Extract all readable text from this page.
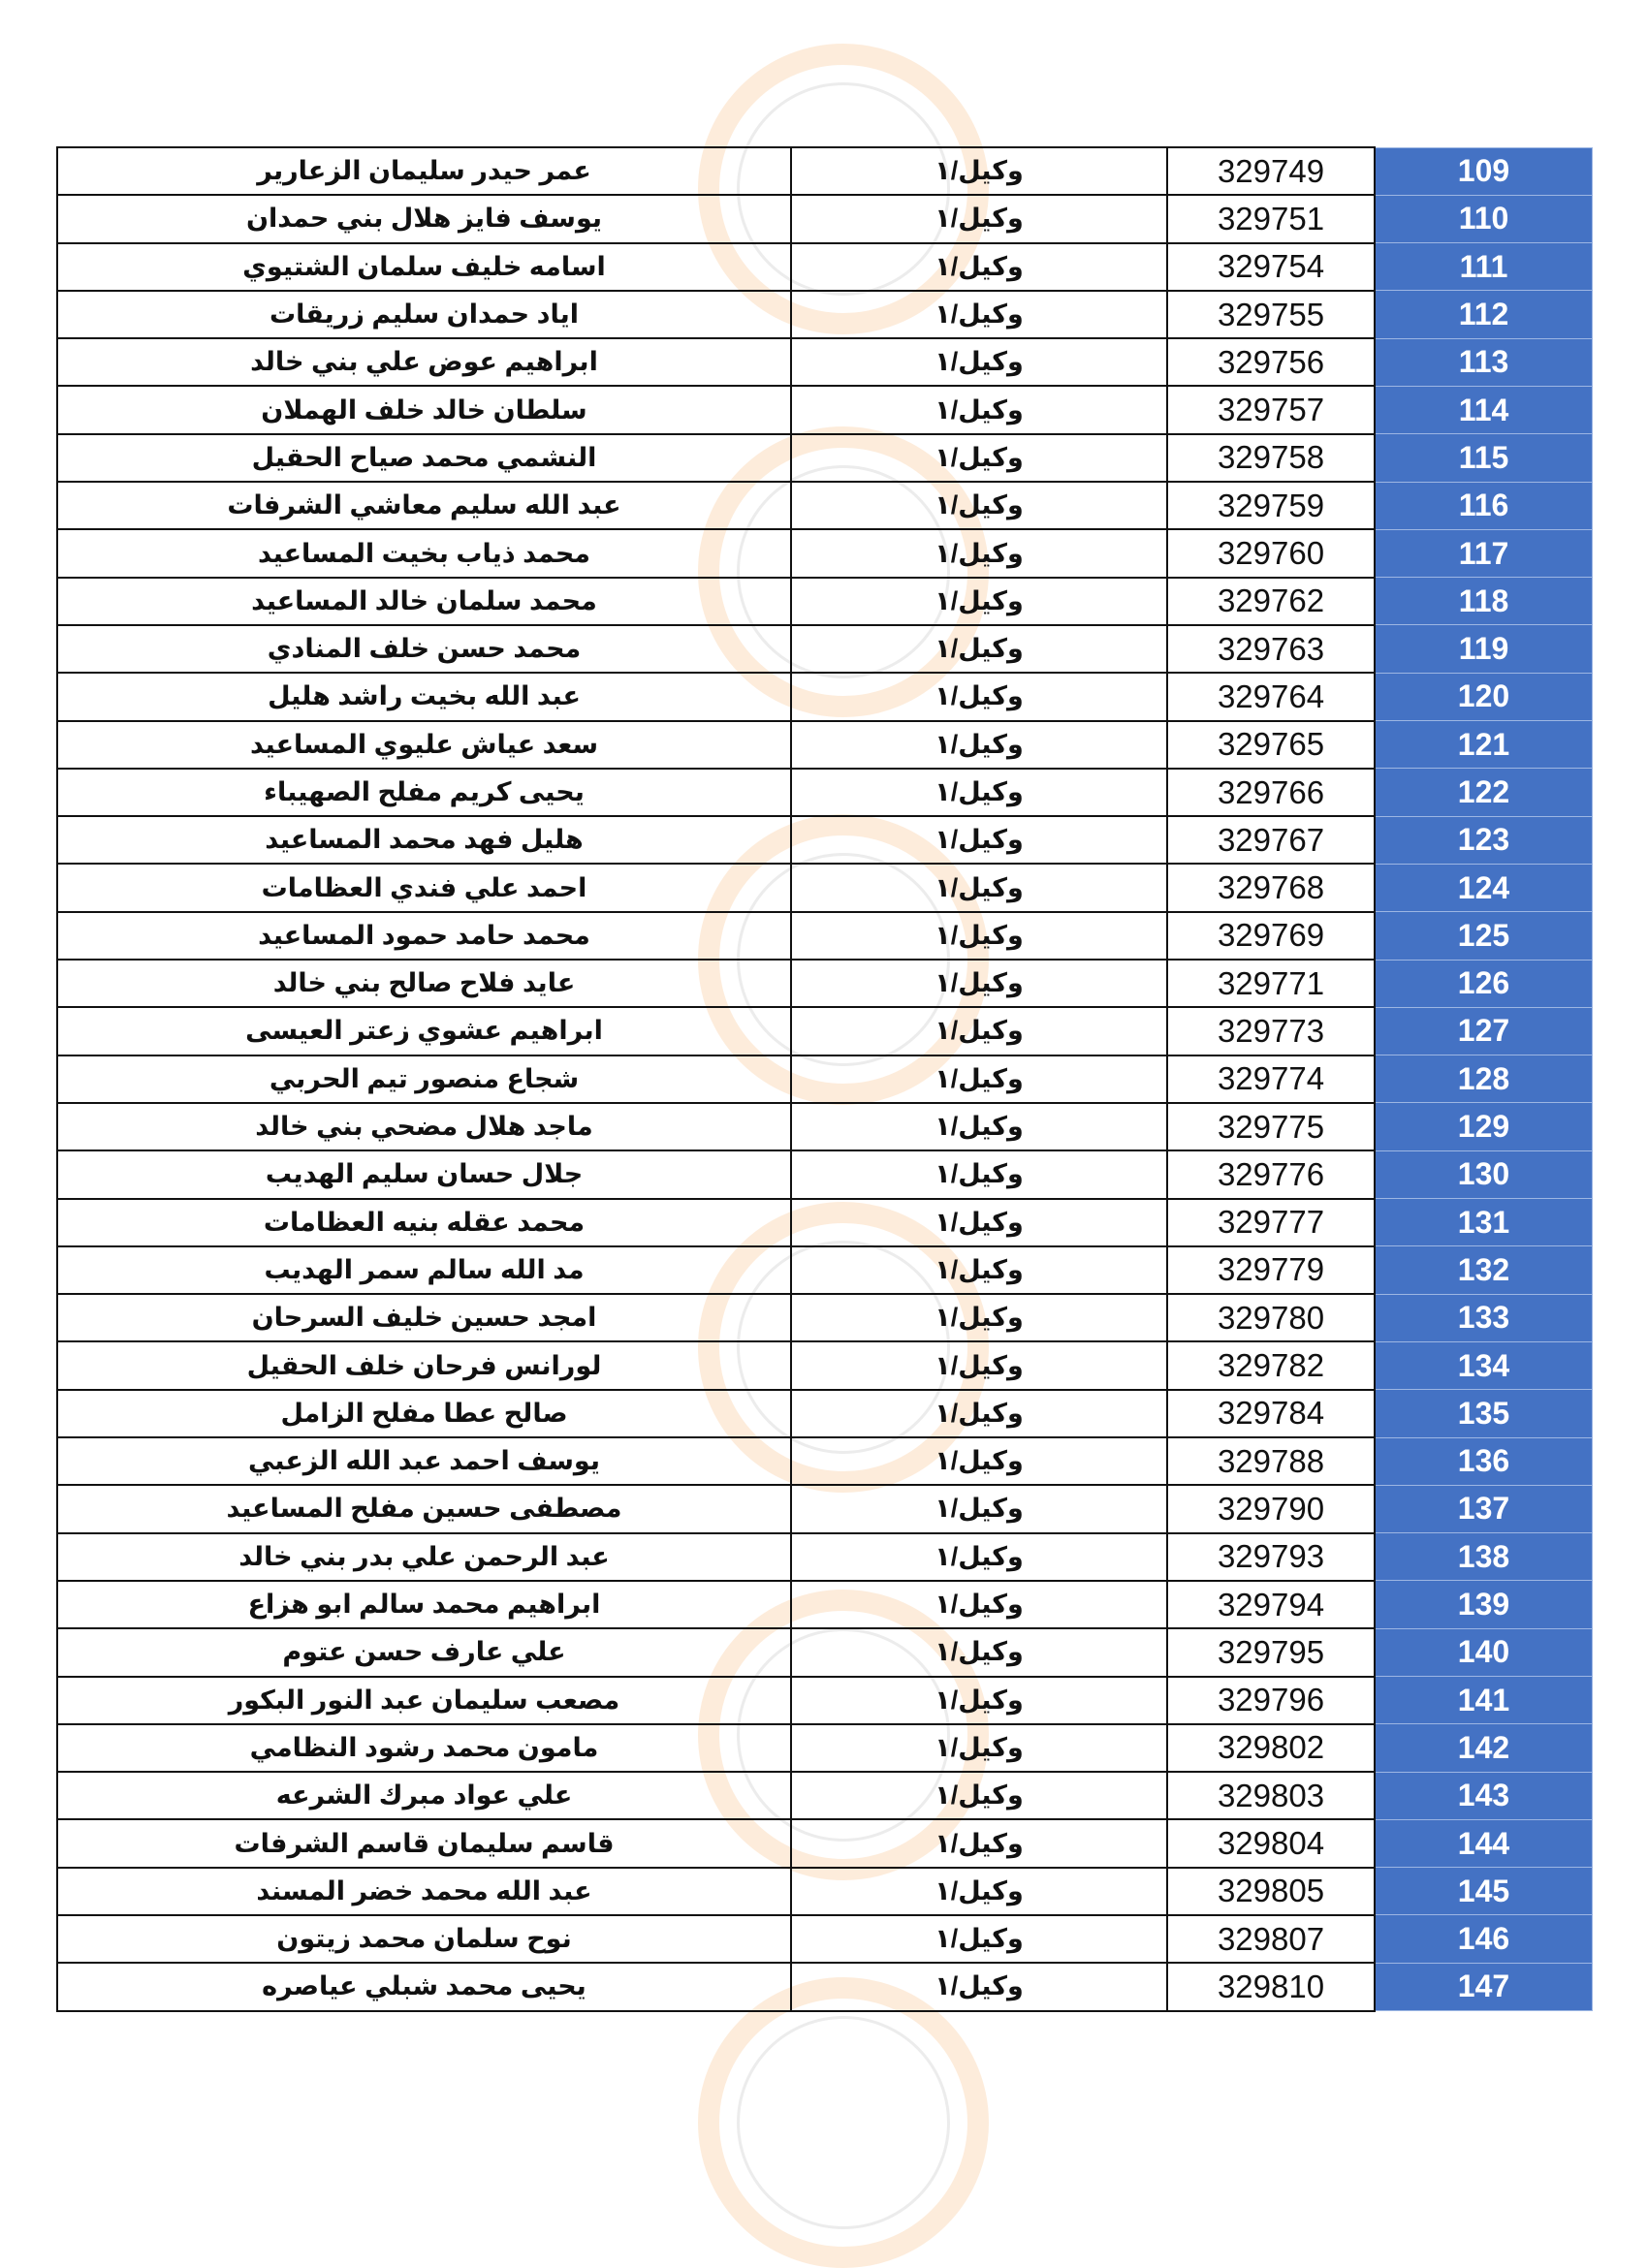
عمر حيدر سليمان الزعارير	وكيل/١	329749	109
يوسف فايز هلال بني حمدان	وكيل/١	329751	110
اسامه خليف سلمان الشتيوي	وكيل/١	329754	111
اياد حمدان سليم زريقات	وكيل/١	329755	112
ابراهيم عوض علي بني خالد	وكيل/١	329756	113
سلطان خالد خلف الهملان	وكيل/١	329757	114
النشمي محمد صياح الحقيل	وكيل/١	329758	115
عبد الله سليم معاشي الشرفات	وكيل/١	329759	116
محمد ذياب بخيت المساعيد	وكيل/١	329760	117
محمد سلمان خالد المساعيد	وكيل/١	329762	118
محمد حسن خلف المنادي	وكيل/١	329763	119
عبد الله بخيت راشد هليل	وكيل/١	329764	120
سعد عياش عليوي المساعيد	وكيل/١	329765	121
يحيى كريم مفلح الصهيباء	وكيل/١	329766	122
هليل فهد محمد المساعيد	وكيل/١	329767	123
احمد علي فندي العظامات	وكيل/١	329768	124
محمد حامد حمود المساعيد	وكيل/١	329769	125
عايد فلاح صالح بني خالد	وكيل/١	329771	126
ابراهيم عشوي زعتر العيسى	وكيل/١	329773	127
شجاع منصور تيم الحربي	وكيل/١	329774	128
ماجد هلال مضحي بني خالد	وكيل/١	329775	129
جلال حسان سليم الهديب	وكيل/١	329776	130
محمد عقله بنيه العظامات	وكيل/١	329777	131
مد الله سالم سمر الهديب	وكيل/١	329779	132
امجد حسين خليف السرحان	وكيل/١	329780	133
لورانس فرحان خلف الحقيل	وكيل/١	329782	134
صالح عطا مفلح الزامل	وكيل/١	329784	135
يوسف احمد عبد الله الزعبي	وكيل/١	329788	136
مصطفى حسين مفلح المساعيد	وكيل/١	329790	137
عبد الرحمن علي بدر بني خالد	وكيل/١	329793	138
ابراهيم محمد سالم ابو هزاع	وكيل/١	329794	139
علي عارف حسن عتوم	وكيل/١	329795	140
مصعب سليمان عبد النور البكور	وكيل/١	329796	141
مامون محمد رشود النظامي	وكيل/١	329802	142
علي عواد مبرك الشرعه	وكيل/١	329803	143
قاسم سليمان قاسم الشرفات	وكيل/١	329804	144
عبد الله محمد خضر المسند	وكيل/١	329805	145
نوح سلمان محمد زيتون	وكيل/١	329807	146
يحيى محمد شبلي عياصره	وكيل/١	329810	147
